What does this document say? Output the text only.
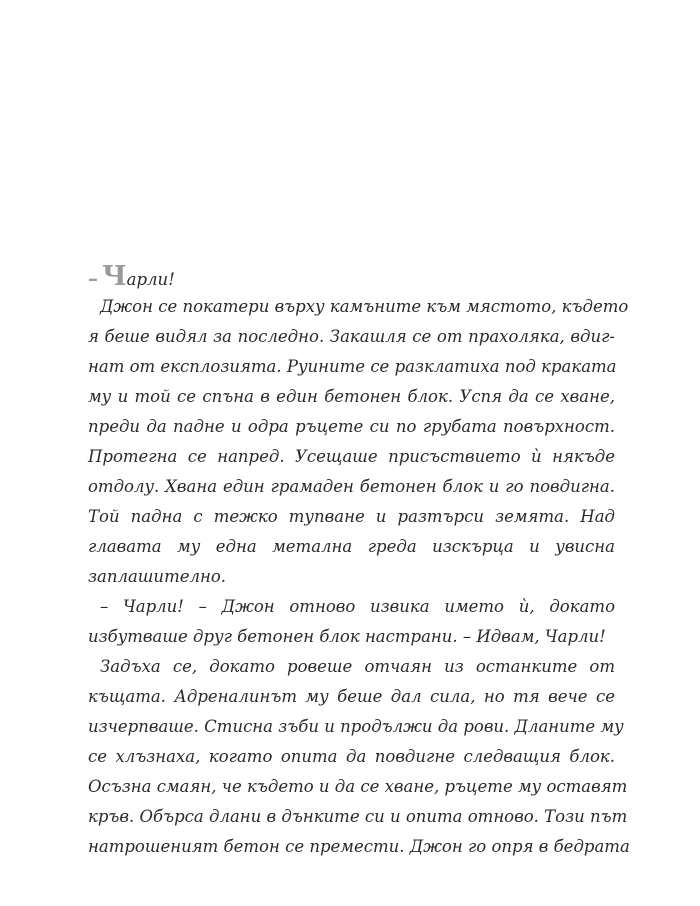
– Чарли!
Джон се покатери върху камъните към мястото, където
я беше видял за последно. Закашля се от прахоляка, вдиг-
нат от експлозията. Руините се разклатиха под краката
му и той се спъна в един бетонен блок. Успя да се хване,
преди да падне и одра ръцете си по грубата повърхност.
Протегна се напред. Усещаше присъствието ѝ някъде
отдолу. Хвана един грамаден бетонен блок и го повдигна.
Той падна с тежко тупване и разтърси земята. Над
главата му една метална греда изскърца и увисна
заплашително.
– Чарли! – Джон отново извика името ѝ, докато
избутваше друг бетонен блок настрани. – Идвам, Чарли!
Задъха се, докато ровеше отчаян из останките от
къщата. Адреналинът му беше дал сила, но тя вече се
изчерпваше. Стисна зъби и продължи да рови. Дланите му
се хлъзнаха, когато опита да повдигне следващия блок.
Осъзна смаян, че където и да се хване, ръцете му оставят
кръв. Обърса длани в дънките си и опита отново. Този път
натрошеният бетон се премести. Джон го опря в бедрата
